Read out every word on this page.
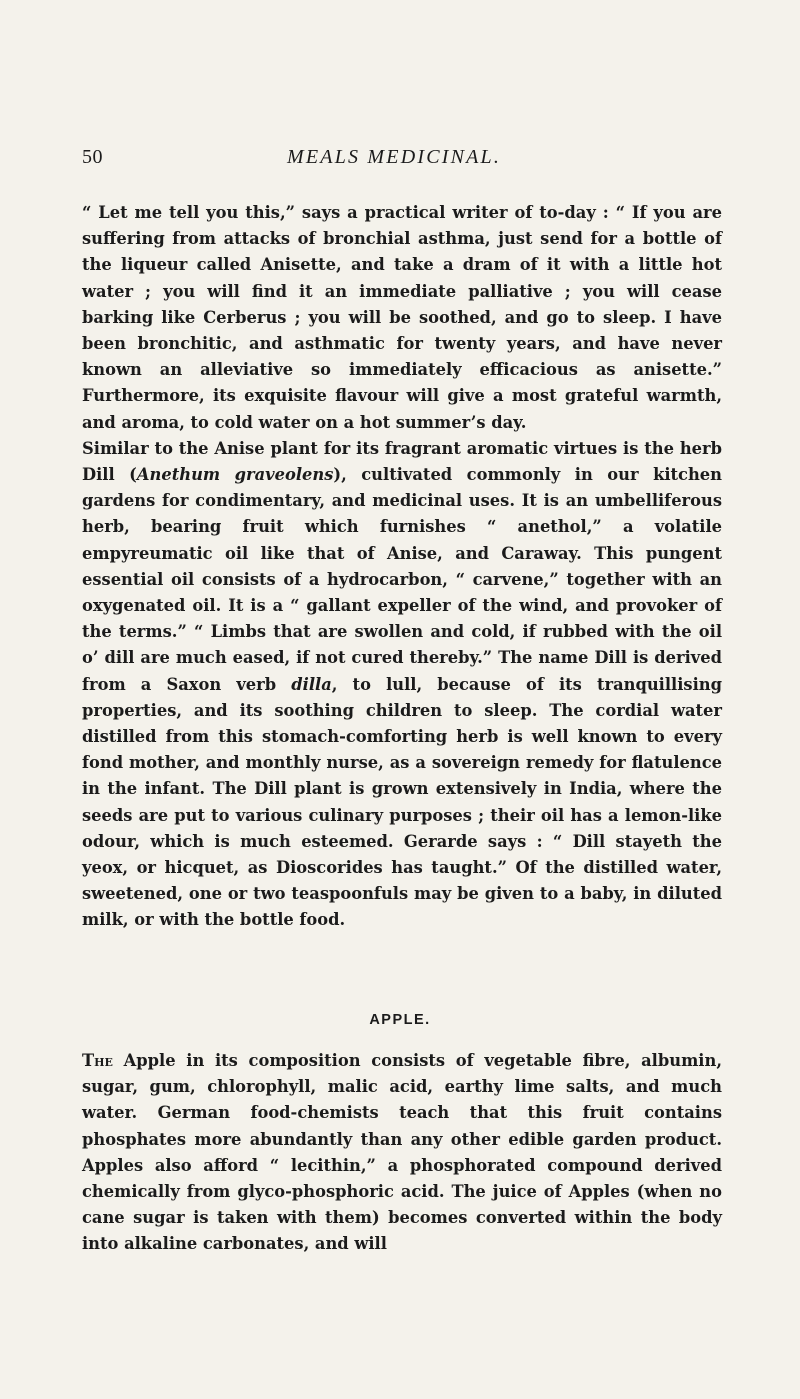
50	MEALS MEDICINAL.

“ Let me tell you this,” says a practical writer of to-day : “ If you are suffering from attacks of bronchial asthma, just send for a bottle of the liqueur called Anisette, and take a dram of it with a little hot water ; you will find it an immediate palliative ; you will cease barking like Cerberus ; you will be soothed, and go to sleep. I have been bronchitic, and asthmatic for twenty years, and have never known an alleviative so immediately efficacious as anisette.” Furthermore, its exquisite flavour will give a most grateful warmth, and aroma, to cold water on a hot summer’s day.

Similar to the Anise plant for its fragrant aromatic virtues is the herb Dill (Anethum graveolens), cultivated commonly in our kitchen gardens for condimentary, and medicinal uses. It is an umbelliferous herb, bearing fruit which furnishes “ anethol,” a volatile empyreumatic oil like that of Anise, and Caraway. This pungent essential oil consists of a hydrocarbon, “ carvene,” together with an oxygenated oil. It is a “ gallant expeller of the wind, and provoker of the terms.” “ Limbs that are swollen and cold, if rubbed with the oil o’ dill are much eased, if not cured thereby.” The name Dill is derived from a Saxon verb dilla, to lull, because of its tranquillising properties, and its soothing children to sleep. The cordial water distilled from this stomach-comforting herb is well known to every fond mother, and monthly nurse, as a sovereign remedy for flatulence in the infant. The Dill plant is grown extensively in India, where the seeds are put to various culinary purposes ; their oil has a lemon-like odour, which is much esteemed. Gerarde says : “ Dill stayeth the yeox, or hicquet, as Dioscorides has taught.” Of the distilled water, sweetened, one or two teaspoonfuls may be given to a baby, in diluted milk, or with the bottle food.

APPLE.

The Apple in its composition consists of vegetable fibre, albumin, sugar, gum, chlorophyll, malic acid, earthy lime salts, and much water. German food-chemists teach that this fruit contains phosphates more abundantly than any other edible garden product. Apples also afford “ lecithin,” a phosphorated compound derived chemically from glyco-phosphoric acid. The juice of Apples (when no cane sugar is taken with them) becomes converted within the body into alkaline carbonates, and will
